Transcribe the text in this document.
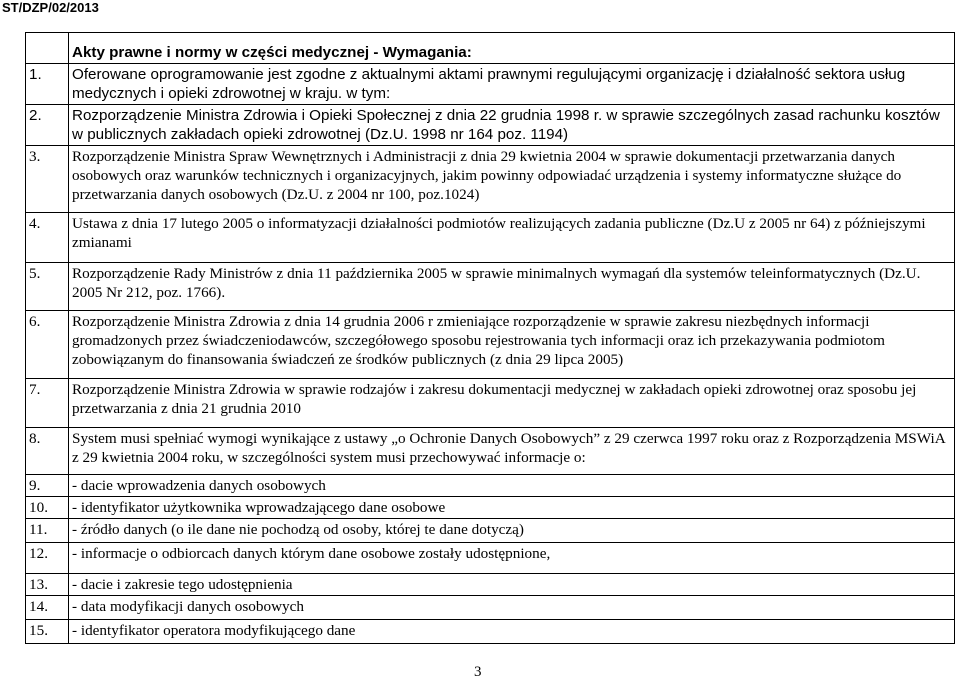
ST/DZP/02/2013
	Akty prawne i normy w części medycznej - Wymagania:
1.	Oferowane oprogramowanie jest zgodne z aktualnymi aktami prawnymi regulującymi organizację i działalność sektora usług medycznych i opieki zdrowotnej w kraju. w tym:
2.	Rozporządzenie Ministra Zdrowia i Opieki Społecznej z dnia 22 grudnia 1998 r. w sprawie szczególnych zasad rachunku kosztów w publicznych zakładach opieki zdrowotnej (Dz.U. 1998 nr 164 poz. 1194)
3.	Rozporządzenie Ministra Spraw Wewnętrznych i Administracji z dnia 29 kwietnia 2004 w sprawie dokumentacji przetwarzania danych osobowych oraz warunków technicznych i organizacyjnych, jakim powinny odpowiadać urządzenia i systemy informatyczne służące do przetwarzania danych osobowych (Dz.U. z 2004 nr 100, poz.1024)
4.	Ustawa z dnia 17 lutego 2005 o informatyzacji działalności podmiotów realizujących zadania publiczne (Dz.U z 2005 nr 64) z późniejszymi zmianami
5.	Rozporządzenie Rady Ministrów z dnia 11 października 2005 w sprawie minimalnych wymagań dla systemów teleinformatycznych (Dz.U. 2005 Nr 212, poz. 1766).
6.	Rozporządzenie Ministra Zdrowia z dnia 14 grudnia 2006 r zmieniające rozporządzenie w sprawie zakresu niezbędnych informacji gromadzonych przez świadczeniodawców, szczegółowego sposobu rejestrowania tych informacji oraz ich przekazywania podmiotom zobowiązanym do finansowania świadczeń ze środków publicznych (z dnia 29 lipca 2005)
7.	Rozporządzenie Ministra Zdrowia w sprawie rodzajów i zakresu dokumentacji medycznej w zakładach opieki zdrowotnej oraz sposobu jej przetwarzania z dnia 21 grudnia 2010
8.	System musi spełniać wymogi wynikające z ustawy „o Ochronie Danych Osobowych” z 29 czerwca 1997 roku oraz z Rozporządzenia MSWiA z 29 kwietnia 2004 roku, w szczególności system musi przechowywać informacje o:
9.	- dacie wprowadzenia danych osobowych
10.	- identyfikator użytkownika wprowadzającego dane osobowe
11.	- źródło danych (o ile dane nie pochodzą od osoby, której te dane dotyczą)
12.	- informacje o odbiorcach danych którym dane osobowe zostały udostępnione,
13.	- dacie i zakresie tego udostępnienia
14.	- data modyfikacji danych osobowych
15.	- identyfikator operatora modyfikującego dane
3
